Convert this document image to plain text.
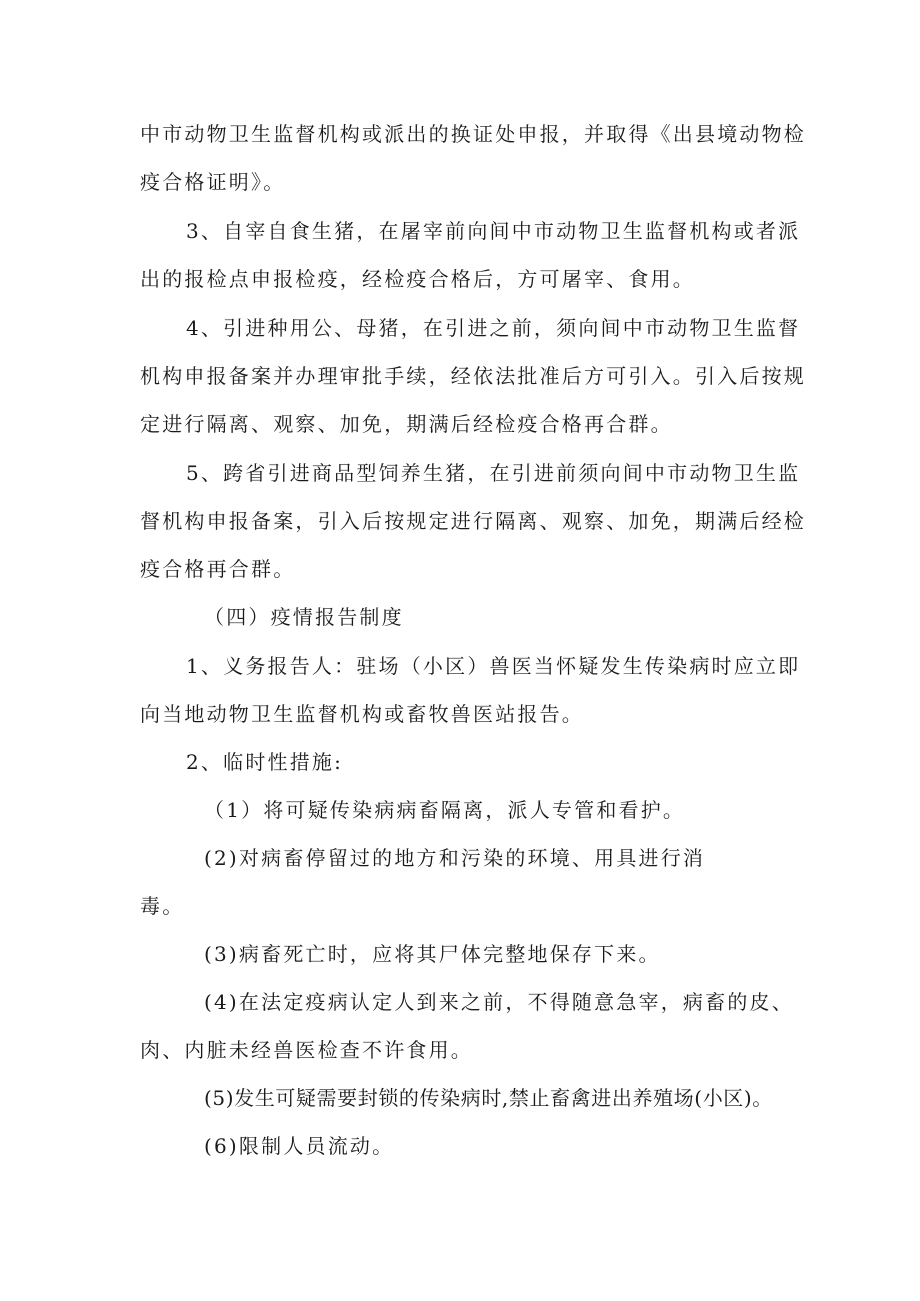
中市动物卫生监督机构或派出的换证处申报，并取得《出县境动物检

疫合格证明》。

3、自宰自食生猪，在屠宰前向间中市动物卫生监督机构或者派

出的报检点申报检疫，经检疫合格后，方可屠宰、食用。

4、引进种用公、母猪，在引进之前，须向间中市动物卫生监督

机构申报备案并办理审批手续，经依法批准后方可引入。引入后按规

定进行隔离、观察、加免，期满后经检疫合格再合群。

5、跨省引进商品型饲养生猪，在引进前须向间中市动物卫生监

督机构申报备案，引入后按规定进行隔离、观察、加免，期满后经检

疫合格再合群。

（四）疫情报告制度

1、义务报告人：驻场（小区）兽医当怀疑发生传染病时应立即

向当地动物卫生监督机构或畜牧兽医站报告。

2、临时性措施:

（1）将可疑传染病病畜隔离，派人专管和看护。

(2)对病畜停留过的地方和污染的环境、用具进行消

毒。

(3)病畜死亡时，应将其尸体完整地保存下来。

(4)在法定疫病认定人到来之前，不得随意急宰，病畜的皮、

肉、内脏未经兽医检查不许食用。

(5)发生可疑需要封锁的传染病时,禁止畜禽进出养殖场(小区)。

(6)限制人员流动。
